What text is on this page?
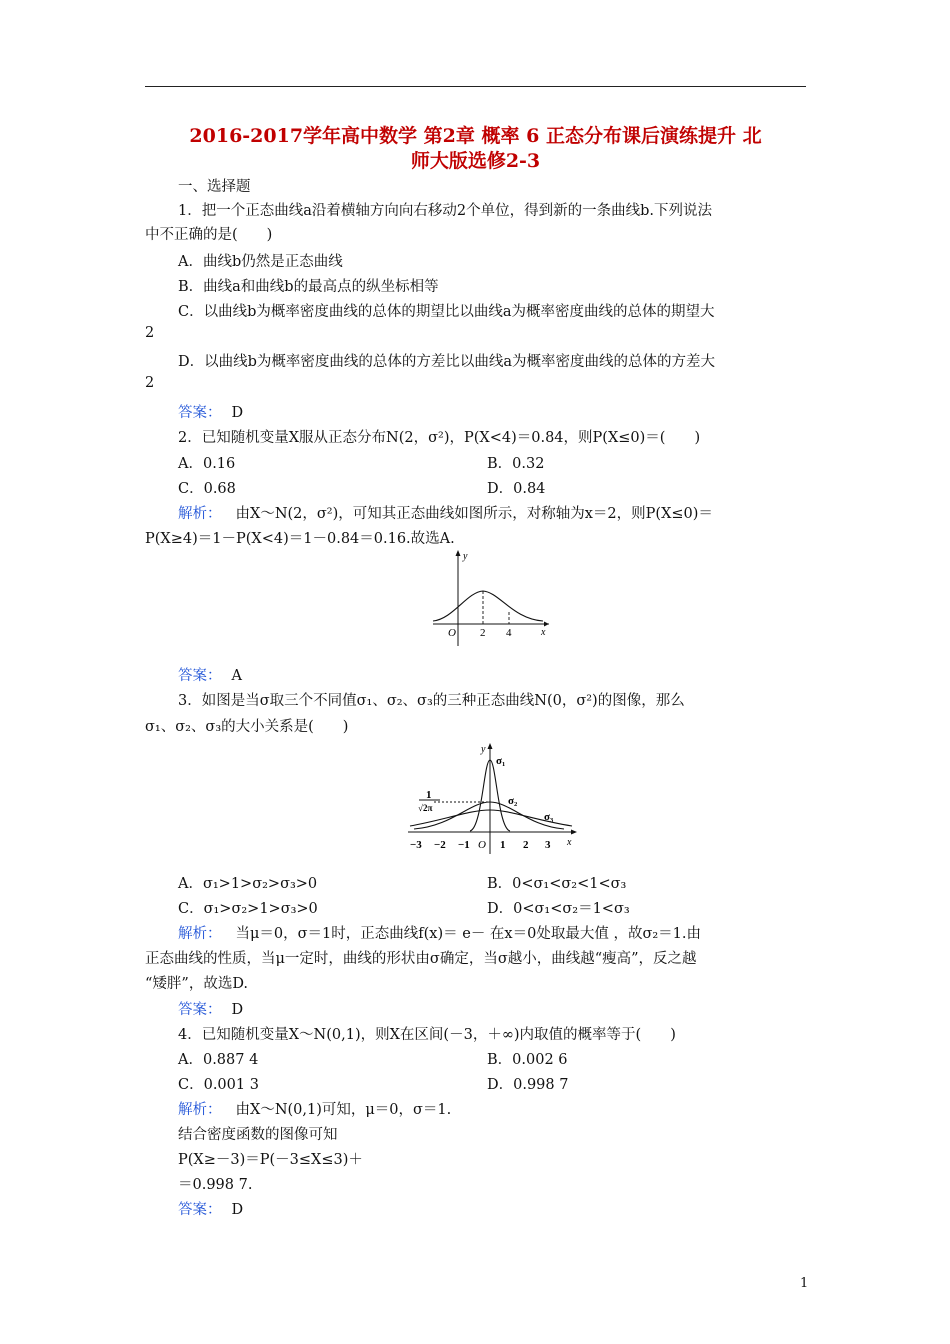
2016-2017学年高中数学 第2章 概率 6 正态分布课后演练提升 北
师大版选修2-3
一、选择题
1．把一个正态曲线a沿着横轴方向向右移动2个单位，得到新的一条曲线b.下列说法
中不正确的是(　　)
A．曲线b仍然是正态曲线
B．曲线a和曲线b的最高点的纵坐标相等
C．以曲线b为概率密度曲线的总体的期望比以曲线a为概率密度曲线的总体的期望大
2
D．以曲线b为概率密度曲线的总体的方差比以曲线a为概率密度曲线的总体的方差大
2
答案： D
2．已知随机变量X服从正态分布N(2，σ²)，P(X<4)＝0.84，则P(X≤0)＝(　　)
A．0.16	B．0.32
C．0.68	D．0.84
解析： 由X～N(2，σ²)，可知其正态曲线如图所示，对称轴为x＝2，则P(X≤0)＝
P(X≥4)＝1－P(X<4)＝1－0.84＝0.16.故选A.
y
O 2 4	x
答案： A
3．如图是当σ取三个不同值σ₁、σ₂、σ₃的三种正态曲线N(0，σ²)的图像，那么
σ₁、σ₂、σ₃的大小关系是(　　)
y
σ₁
σ₂
σ₃
1
√2π
−3 −2 −1 O 1 2 3 x
A．σ₁>1>σ₂>σ₃>0	B．0<σ₁<σ₂<1<σ₃
C．σ₁>σ₂>1>σ₃>0	D．0<σ₁<σ₂＝1<σ₃
解析： 当μ＝0，σ＝1时，正态曲线f(x)＝ e－ 在x＝0处取最大值 ，故σ₂＝1.由
正态曲线的性质，当μ一定时，曲线的形状由σ确定，当σ越小，曲线越“瘦高”，反之越
“矮胖”，故选D.
答案： D
4．已知随机变量X～N(0,1)，则X在区间(－3，＋∞)内取值的概率等于(　　)
A．0.887 4	B．0.002 6
C．0.001 3	D．0.998 7
解析： 由X～N(0,1)可知，μ＝0，σ＝1.
结合密度函数的图像可知
P(X≥－3)＝P(－3≤X≤3)＋
＝0.998 7.
答案： D
1
